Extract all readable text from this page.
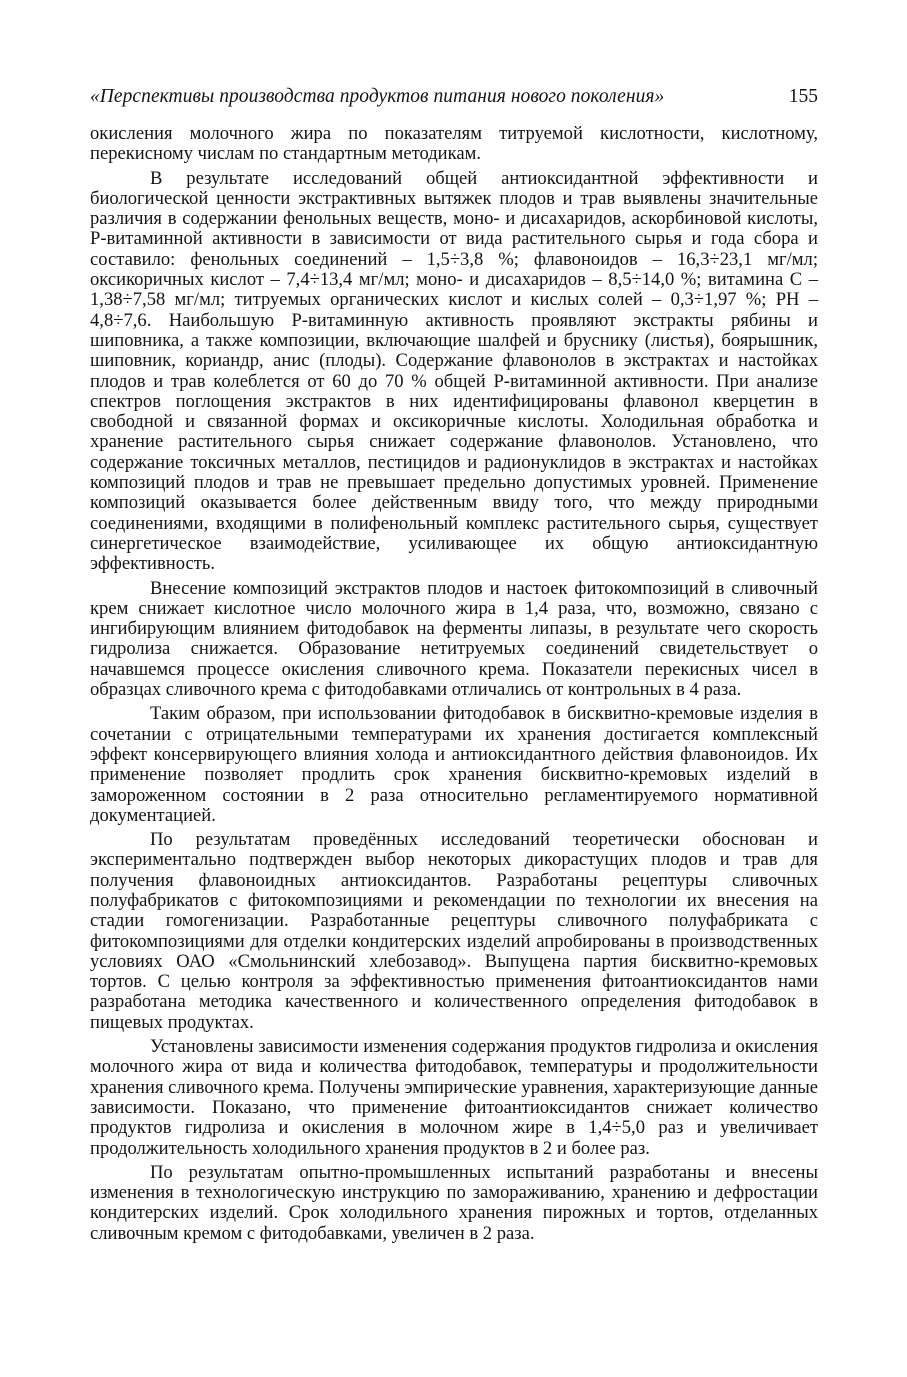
«Перспективы производства продуктов питания нового поколения»	155

окисления молочного жира по показателям титруемой кислотности, кислотному, перекисному числам по стандартным методикам.

В результате исследований общей антиоксидантной эффективности и биологической ценности экстрактивных вытяжек плодов и трав выявлены значительные различия в содержании фенольных веществ, моно- и дисахаридов, аскорбиновой кислоты, Р-витаминной активности в зависимости от вида растительного сырья и года сбора и составило: фенольных соединений – 1,5÷3,8 %; флавоноидов – 16,3÷23,1 мг/мл; оксикоричных кислот – 7,4÷13,4 мг/мл; моно- и дисахаридов – 8,5÷14,0 %; витамина С – 1,38÷7,58 мг/мл; титруемых органических кислот и кислых солей – 0,3÷1,97 %; РН – 4,8÷7,6. Наибольшую Р-витаминную активность проявляют экстракты рябины и шиповника, а также композиции, включающие шалфей и бруснику (листья), боярышник, шиповник, кориандр, анис (плоды). Содержание флавонолов в экстрактах и настойках плодов и трав колеблется от 60 до 70 % общей Р-витаминной активности. При анализе спектров поглощения экстрактов в них идентифицированы флавонол кверцетин в свободной и связанной формах и оксикоричные кислоты. Холодильная обработка и хранение растительного сырья снижает содержание флавонолов. Установлено, что содержание токсичных металлов, пестицидов и радионуклидов в экстрактах и настойках композиций плодов и трав не превышает предельно допустимых уровней. Применение композиций оказывается более действенным ввиду того, что между природными соединениями, входящими в полифенольный комплекс растительного сырья, существует синергетическое взаимодействие, усиливающее их общую антиоксидантную эффективность.

Внесение композиций экстрактов плодов и настоек фитокомпозиций в сливочный крем снижает кислотное число молочного жира в 1,4 раза, что, возможно, связано с ингибирующим влиянием фитодобавок на ферменты липазы, в результате чего скорость гидролиза снижается. Образование нетитруемых соединений свидетельствует о начавшемся процессе окисления сливочного крема. Показатели перекисных чисел в образцах сливочного крема с фитодобавками отличались от контрольных в 4 раза.

Таким образом, при использовании фитодобавок в бисквитно-кремовые изделия в сочетании с отрицательными температурами их хранения достигается комплексный эффект консервирующего влияния холода и антиоксидантного действия флавоноидов. Их применение позволяет продлить срок хранения бисквитно-кремовых изделий в замороженном состоянии в 2 раза относительно регламентируемого нормативной документацией.

По результатам проведённых исследований теоретически обоснован и экспериментально подтвержден выбор некоторых дикорастущих плодов и трав для получения флавоноидных антиоксидантов. Разработаны рецептуры сливочных полуфабрикатов с фитокомпозициями и рекомендации по технологии их внесения на стадии гомогенизации. Разработанные рецептуры сливочного полуфабриката с фитокомпозициями для отделки кондитерских изделий апробированы в производственных условиях ОАО «Смольнинский хлебозавод». Выпущена партия бисквитно-кремовых тортов. С целью контроля за эффективностью применения фитоантиоксидантов нами разработана методика качественного и количественного определения фитодобавок в пищевых продуктах.

Установлены зависимости изменения содержания продуктов гидролиза и окисления молочного жира от вида и количества фитодобавок, температуры и продолжительности хранения сливочного крема. Получены эмпирические уравнения, характеризующие данные зависимости. Показано, что применение фитоантиоксидантов снижает количество продуктов гидролиза и окисления в молочном жире в 1,4÷5,0 раз и увеличивает продолжительность холодильного хранения продуктов в 2 и более раз.

По результатам опытно-промышленных испытаний разработаны и внесены изменения в технологическую инструкцию по замораживанию, хранению и дефростации кондитерских изделий. Срок холодильного хранения пирожных и тортов, отделанных сливочным кремом с фитодобавками, увеличен в 2 раза.
